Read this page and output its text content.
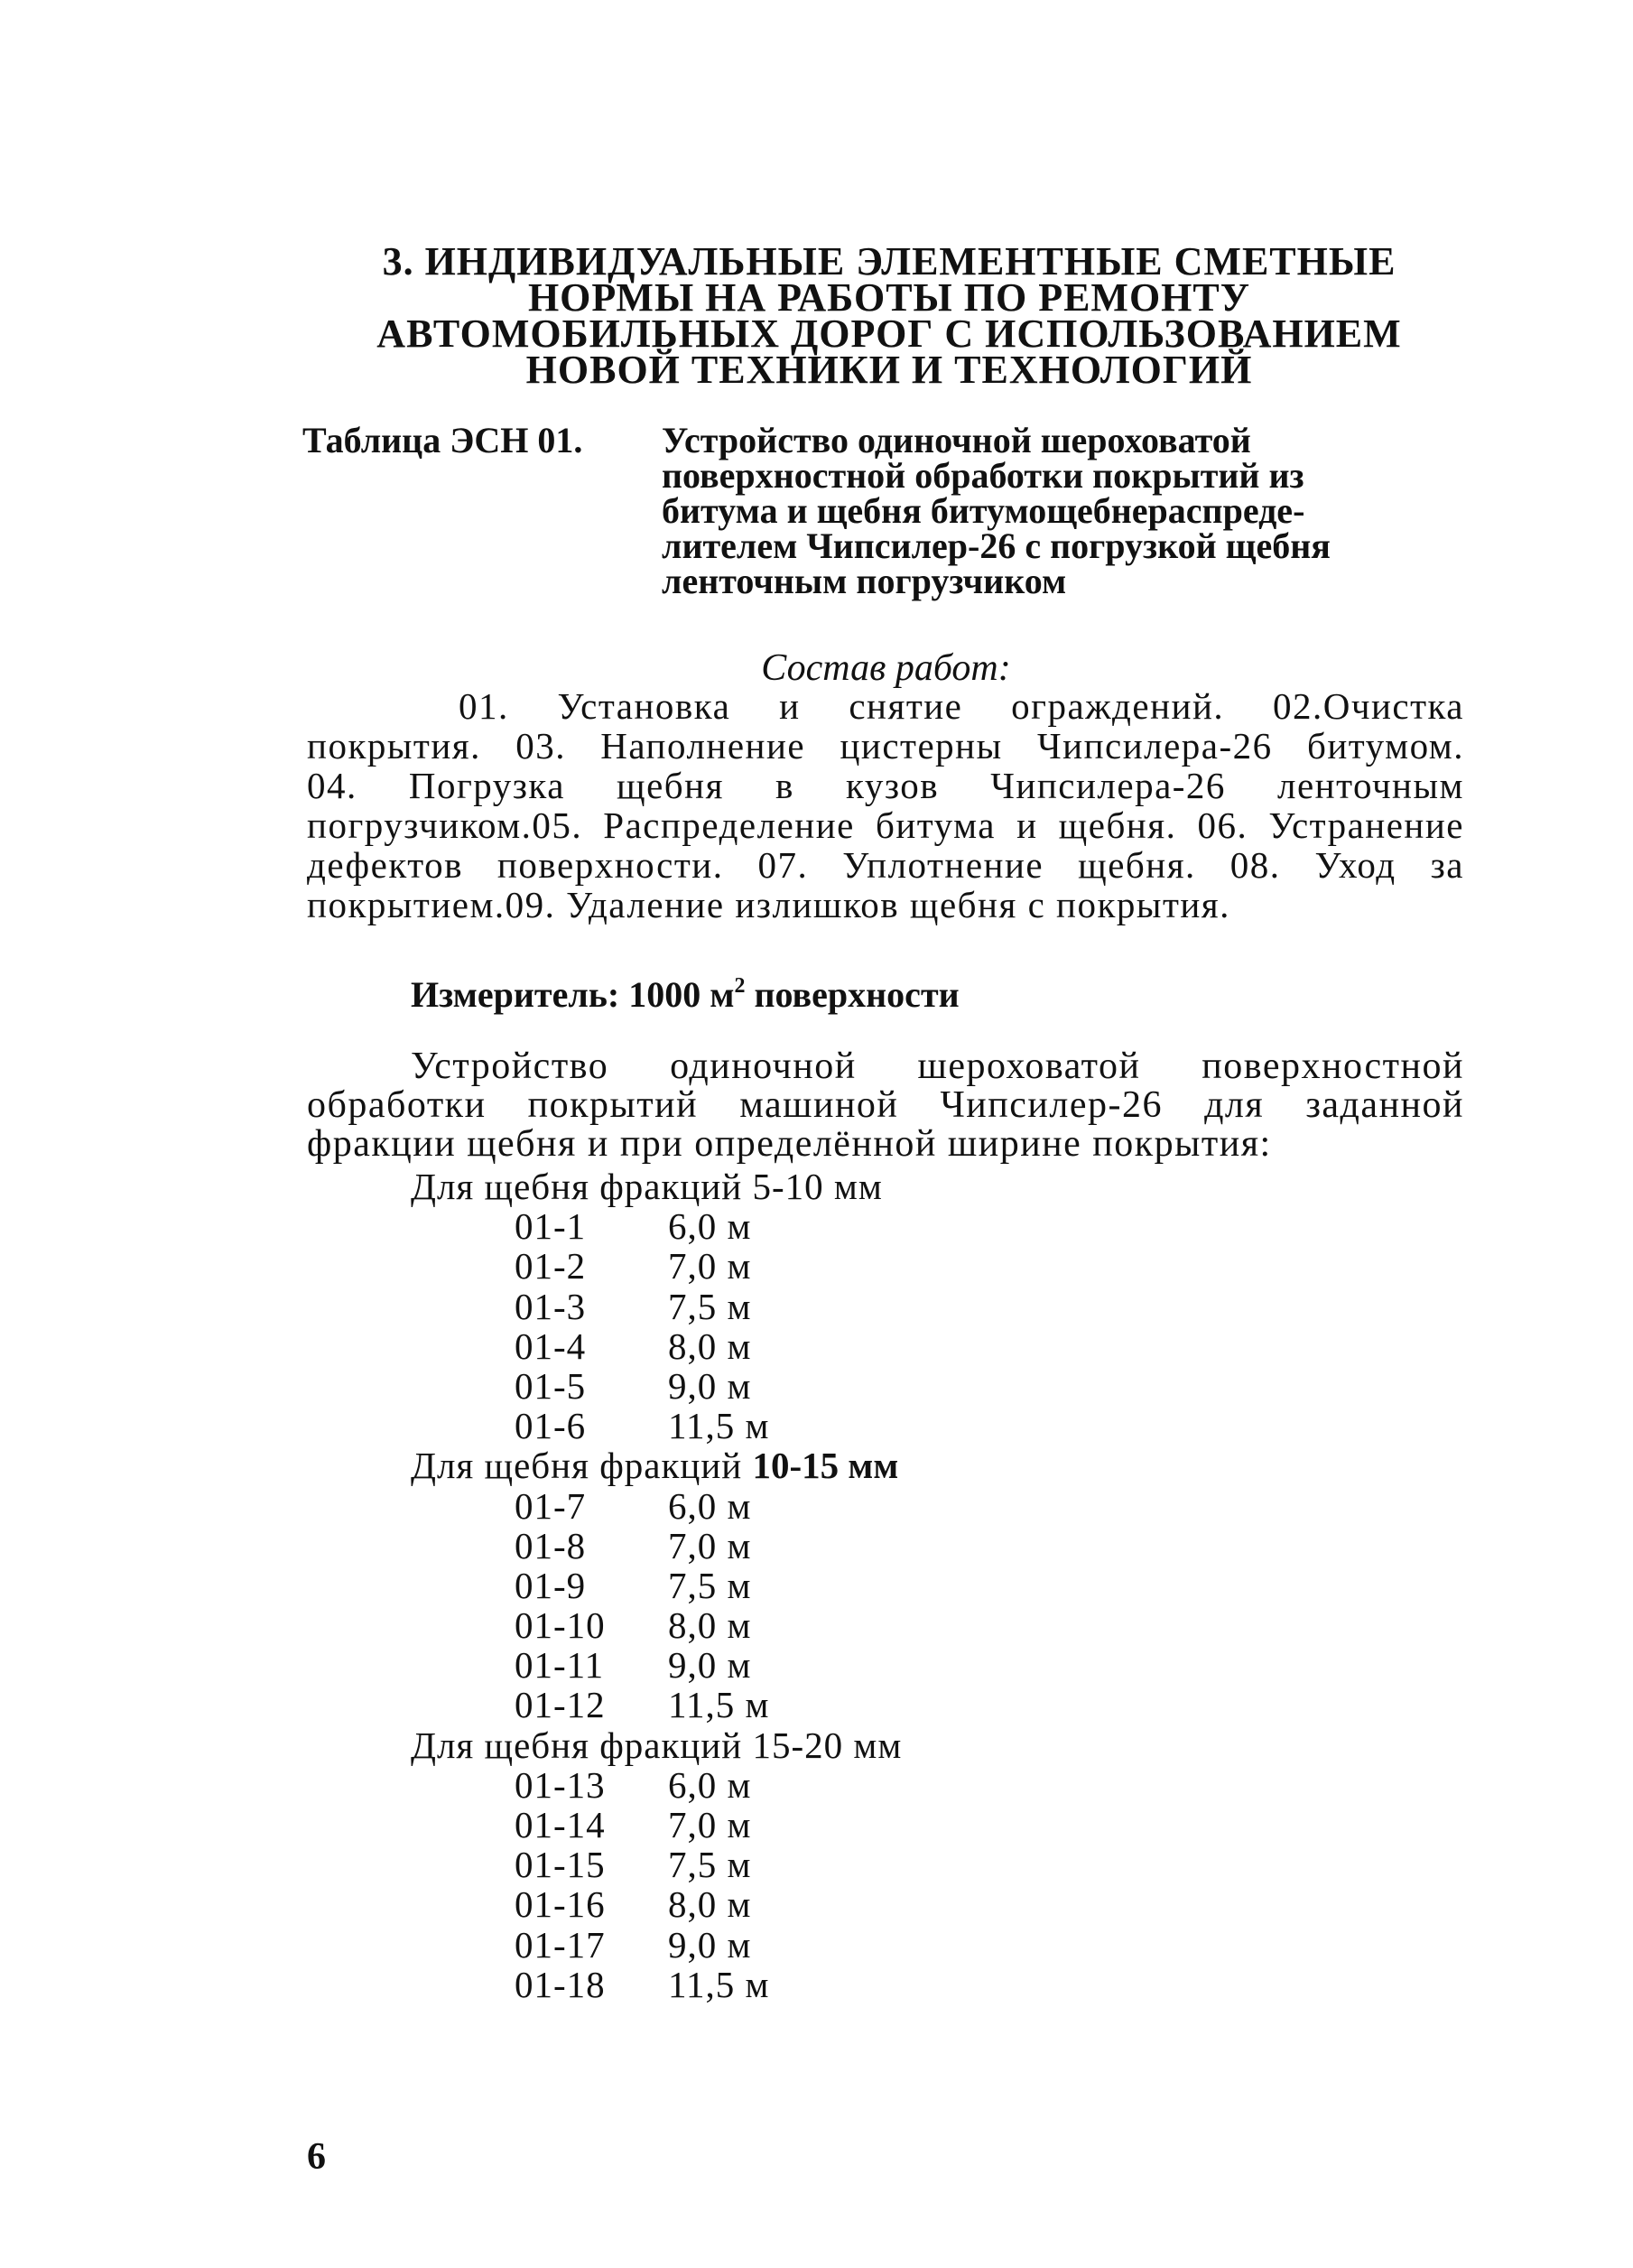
3. ИНДИВИДУАЛЬНЫЕ ЭЛЕМЕНТНЫЕ СМЕТНЫЕ
НОРМЫ НА РАБОТЫ ПО РЕМОНТУ
АВТОМОБИЛЬНЫХ ДОРОГ С ИСПОЛЬЗОВАНИЕМ
НОВОЙ ТЕХНИКИ И ТЕХНОЛОГИЙ
Таблица ЭСН 01. Устройство одиночной шероховатой
поверхностной обработки покрытий из
битума и щебня битумощебнераспреде-
лителем Чипсилер-26 с погрузкой щебня
ленточным погрузчиком
Состав работ:
01. Установка и снятие ограждений. 02.Очистка
покрытия. 03. Наполнение цистерны Чипсилера-26 битумом.
04. Погрузка щебня в кузов Чипсилера-26 ленточным
погрузчиком.05. Распределение битума и щебня. 06. Устранение
дефектов поверхности. 07. Уплотнение щебня. 08. Уход за
покрытием.09. Удаление излишков щебня с покрытия.
Измеритель: 1000 $м^2$ поверхности
Устройство одиночной шероховатой поверхностной
обработки покрытий машиной Чипсилер-26 для заданной
фракции щебня и при определённой ширине покрытия:
Для щебня фракций 5-10 мм
01-1 6,0 м
01-2 7,0 м
01-3 7,5 м
01-4 8,0 м
01-5 9,0 м
01-6 11,5 м
Для щебня фракций 10-15 мм
01-7 6,0 м
01-8 7,0 м
01-9 7,5 м
01-10 8,0 м
01-11 9,0 м
01-12 11,5 м
Для щебня фракций 15-20 мм
01-13 6,0 м
01-14 7,0 м
01-15 7,5 м
01-16 8,0 м
01-17 9,0 м
01-18 11,5 м
6
